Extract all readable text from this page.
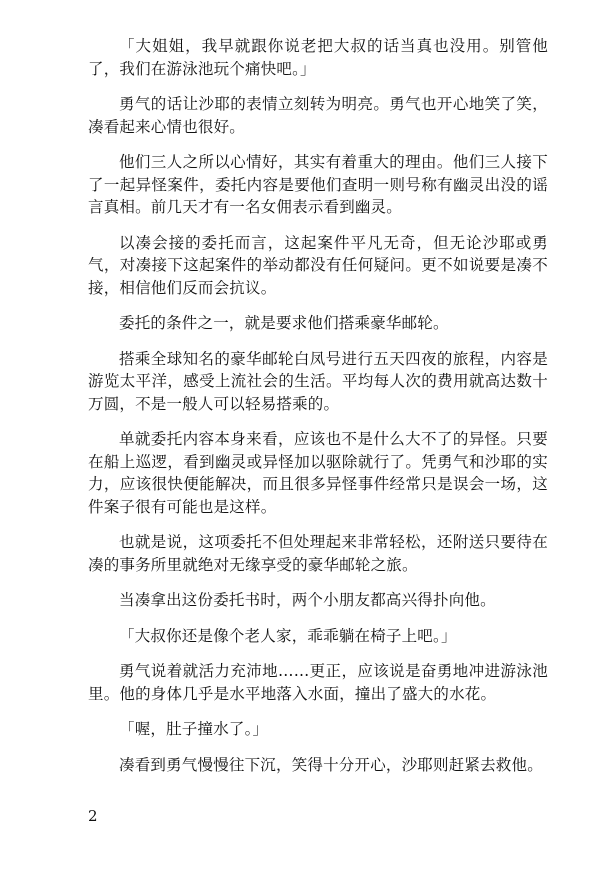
「大姐姐，我早就跟你说老把大叔的话当真也没用。别管他了，我们在游泳池玩个痛快吧。」

勇气的话让沙耶的表情立刻转为明亮。勇气也开心地笑了笑，凑看起来心情也很好。

他们三人之所以心情好，其实有着重大的理由。他们三人接下了一起异怪案件，委托内容是要他们查明一则号称有幽灵出没的谣言真相。前几天才有一名女佣表示看到幽灵。

以凑会接的委托而言，这起案件平凡无奇，但无论沙耶或勇气，对凑接下这起案件的举动都没有任何疑问。更不如说要是凑不接，相信他们反而会抗议。

委托的条件之一，就是要求他们搭乘豪华邮轮。

搭乘全球知名的豪华邮轮白凤号进行五天四夜的旅程，内容是游览太平洋，感受上流社会的生活。平均每人次的费用就高达数十万圆，不是一般人可以轻易搭乘的。

单就委托内容本身来看，应该也不是什么大不了的异怪。只要在船上巡逻，看到幽灵或异怪加以驱除就行了。凭勇气和沙耶的实力，应该很快便能解决，而且很多异怪事件经常只是误会一场，这件案子很有可能也是这样。

也就是说，这项委托不但处理起来非常轻松，还附送只要待在凑的事务所里就绝对无缘享受的豪华邮轮之旅。

当凑拿出这份委托书时，两个小朋友都高兴得扑向他。

「大叔你还是像个老人家，乖乖躺在椅子上吧。」

勇气说着就活力充沛地……更正，应该说是奋勇地冲进游泳池里。他的身体几乎是水平地落入水面，撞出了盛大的水花。

「喔，肚子撞水了。」

凑看到勇气慢慢往下沉，笑得十分开心，沙耶则赶紧去救他。

2
